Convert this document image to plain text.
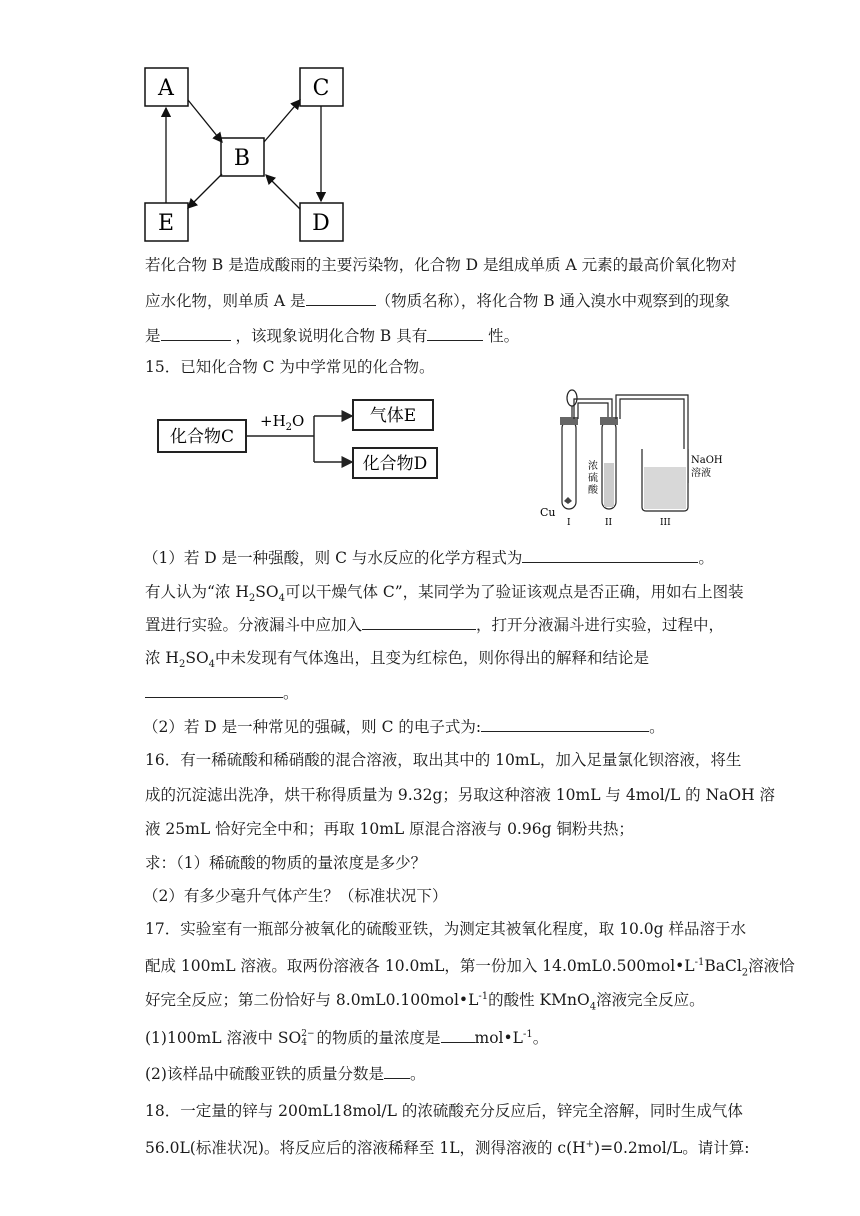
A	C
B
E	D
若化合物 B 是造成酸雨的主要污染物，化合物 D 是组成单质 A 元素的最高价氧化物对
应水化物，则单质 A 是	（物质名称），将化合物 B 通入溴水中观察到的现象
是	，该现象说明化合物 B 具有	性。
15．已知化合物 C 为中学常见的化合物。
化合物C
$+H_2O$	气体E
化合物D
Cu
浓
硫
酸
NaOH
溶液
I	II	III
（1）若 D 是一种强酸，则 C 与水反应的化学方程式为	。
有人认为“浓 $H_2SO_4$可以干燥气体 C”，某同学为了验证该观点是否正确，用如右上图装
置进行实验。分液漏斗中应加入	，打开分液漏斗进行实验，过程中，
浓 $H_2SO_4$中未发现有气体逸出，且变为红棕色，则你得出的解释和结论是
。
（2）若 D 是一种常见的强碱，则 C 的电子式为:	。
16．有一稀硫酸和稀硝酸的混合溶液，取出其中的 10mL，加入足量氯化钡溶液，将生
成的沉淀滤出洗净，烘干称得质量为 9.32g；另取这种溶液 10mL 与 4mol/L 的 NaOH 溶
液 25mL 恰好完全中和；再取 10mL 原混合溶液与 0.96g 铜粉共热；
求：（1）稀硫酸的物质的量浓度是多少？
（2）有多少毫升气体产生？（标准状况下）
17．实验室有一瓶部分被氧化的硫酸亚铁，为测定其被氧化程度，取 10.0g 样品溶于水
配成 100mL 溶液。取两份溶液各 10.0mL，第一份加入 $14.0mL0.500mol•L^{-1}BaCl_2$溶液恰
好完全反应；第二份恰好与 $8.0mL0.100mol•L^{-1}$的酸性 KMnO$_4$溶液完全反应。
(1)100mL 溶液中 SO 2−
4 的物质的量浓度是 $mol•L^{-1}$。
(2)该样品中硫酸亚铁的质量分数是 。
18．一定量的锌与 200mL18mol/L 的浓硫酸充分反应后，锌完全溶解，同时生成气体
56.0L(标准状况)。将反应后的溶液稀释至 1L，测得溶液的 c(H+)=0.2mol/L。请计算:
